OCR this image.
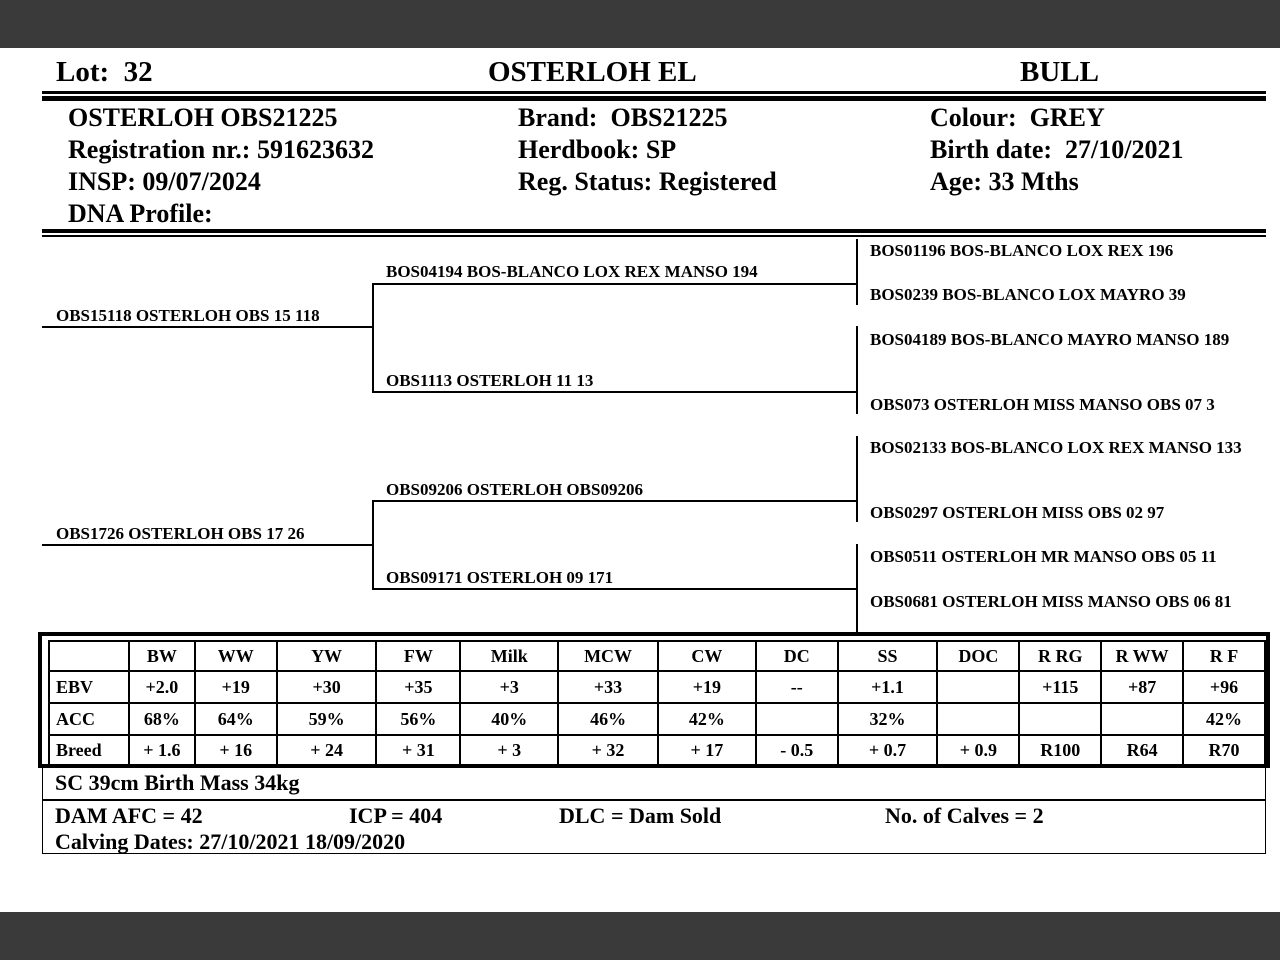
Lot: 32	OSTERLOH EL	BULL
OSTERLOH OBS21225
Registration nr.: 591623632
INSP: 09/07/2024
DNA Profile:
Brand: OBS21225
Herdbook: SP
Reg. Status: Registered
Colour: GREY
Birth date: 27/10/2021
Age: 33 Mths
OBS15118 OSTERLOH OBS 15 118
OBS1726 OSTERLOH OBS 17 26
BOS04194 BOS-BLANCO LOX REX MANSO 194
OBS1113 OSTERLOH 11 13
OBS09206 OSTERLOH OBS09206
OBS09171 OSTERLOH 09 171
BOS01196 BOS-BLANCO LOX REX 196
BOS0239 BOS-BLANCO LOX MAYRO 39
BOS04189 BOS-BLANCO MAYRO MANSO 189
OBS073 OSTERLOH MISS MANSO OBS 07 3
BOS02133 BOS-BLANCO LOX REX MANSO 133
OBS0297 OSTERLOH MISS OBS 02 97
OBS0511 OSTERLOH MR MANSO OBS 05 11
OBS0681 OSTERLOH MISS MANSO OBS 06 81
	BW	WW	YW	FW	Milk	MCW	CW	DC	SS	DOC	R RG	R WW	R F
EBV	+2.0	+19	+30	+35	+3	+33	+19	--	+1.1		+115	+87	+96
ACC	68%	64%	59%	56%	40%	46%	42%		32%				42%
Breed	+ 1.6	+ 16	+ 24	+ 31	+ 3	+ 32	+ 17	- 0.5	+ 0.7	+ 0.9	R100	R64	R70
SC 39cm Birth Mass 34kg
DAM AFC = 42	ICP = 404	DLC = Dam Sold	No. of Calves = 2
Calving Dates: 27/10/2021 18/09/2020
